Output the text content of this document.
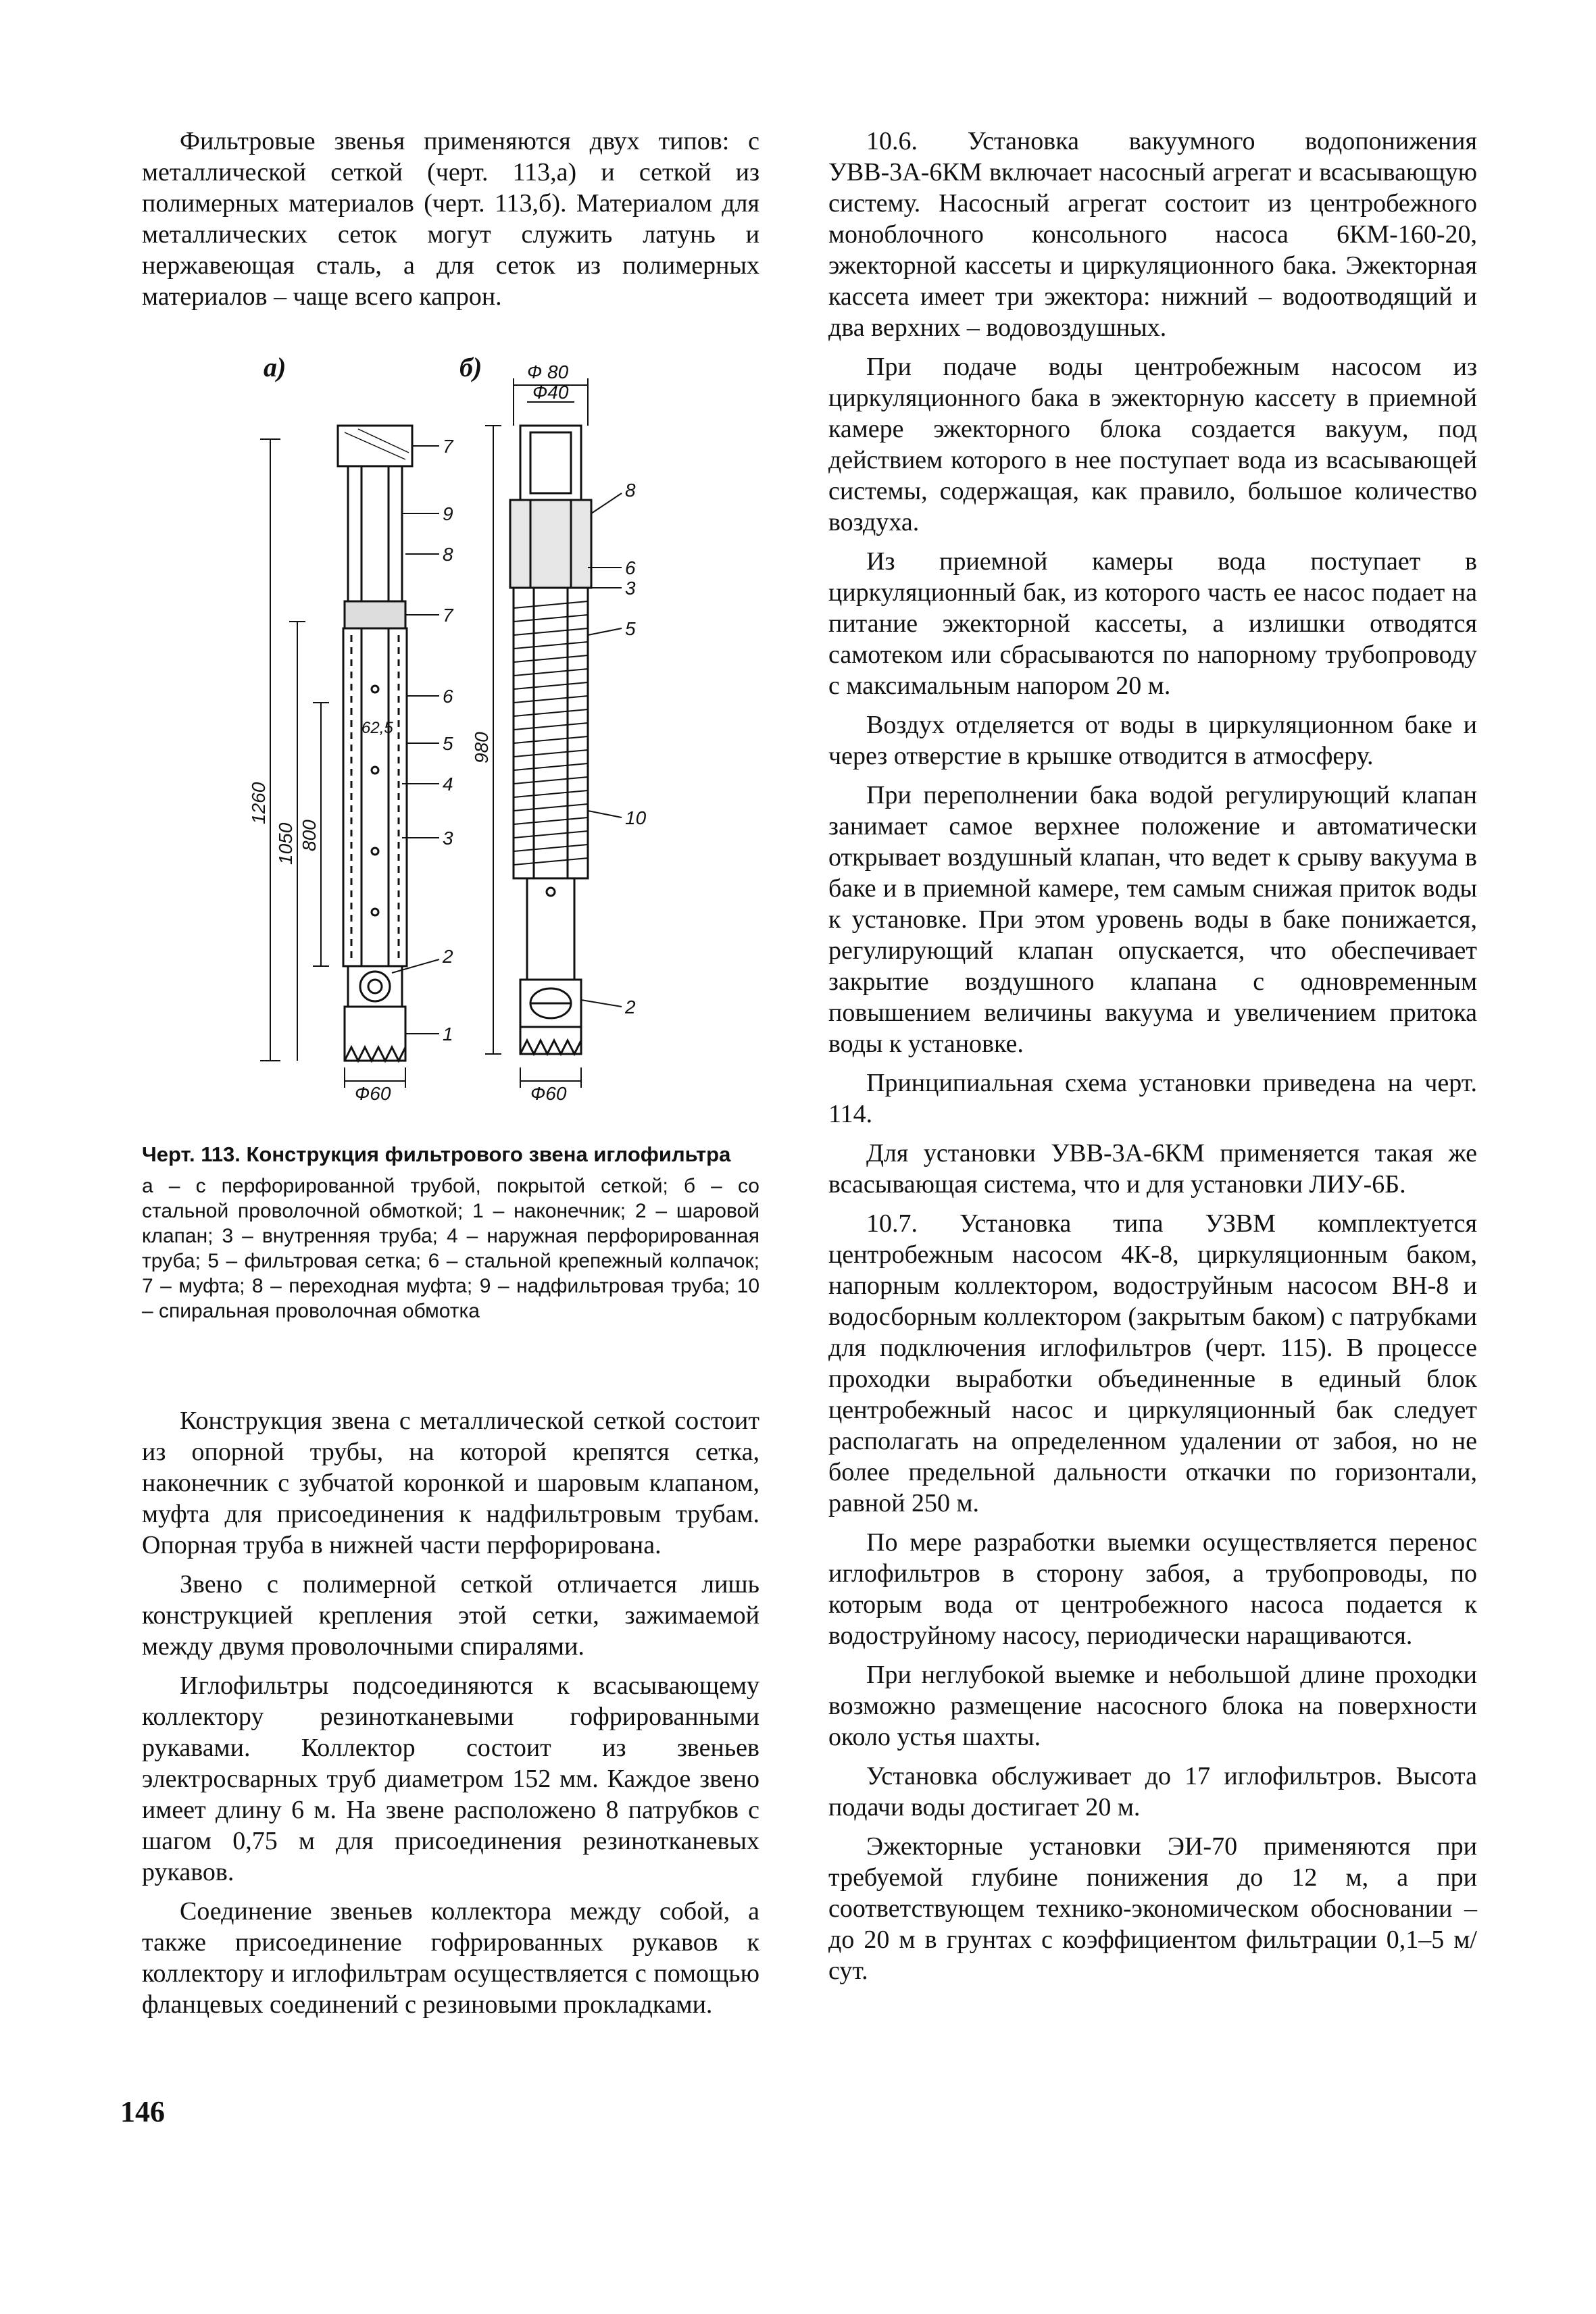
Фильтровые звенья применяются двух типов: с металлической сеткой (черт. 113,а) и сеткой из полимерных материалов (черт. 113,б). Материалом для металлических сеток могут служить латунь и нержавеющая сталь, а для сеток из полимерных материалов – чаще всего капрон.

а)	б) Ф 80
Ф40
Ф60	Ф60
62,5
1260
1050 800
980
7
9
8
7
6
5
4
3
2
1
8
6
3
5
10
2
Черт. 113. Конструкция фильтрового звена иглофильтра
а – с перфорированной трубой, покрытой сеткой; б – со стальной проволочной обмоткой; 1 – наконечник; 2 – шаровой клапан; 3 – внутренняя труба; 4 – наружная перфорированная труба; 5 – фильтровая сетка; 6 – стальной крепежный колпачок; 7 – муфта; 8 – переходная муфта; 9 – надфильтровая труба; 10 – спиральная проволочная обмотка

Конструкция звена с металлической сеткой состоит из опорной трубы, на которой крепятся сетка, наконечник с зубчатой коронкой и шаровым клапаном, муфта для присоединения к надфильтровым трубам. Опорная труба в нижней части перфорирована.

Звено с полимерной сеткой отличается лишь конструкцией крепления этой сетки, зажимаемой между двумя проволочными спиралями.

Иглофильтры подсоединяются к всасывающему коллектору резинотканевыми гофрированными рукавами. Коллектор состоит из звеньев электросварных труб диаметром 152 мм. Каждое звено имеет длину 6 м. На звене расположено 8 патрубков с шагом 0,75 м для присоединения резинотканевых рукавов.

Соединение звеньев коллектора между собой, а также присоединение гофрированных рукавов к коллектору и иглофильтрам осуществляется с помощью фланцевых соединений с резиновыми прокладками.

10.6. Установка вакуумного водопонижения УВВ-3А-6КМ включает насосный агрегат и всасывающую систему. Насосный агрегат состоит из центробежного моноблочного консольного насоса 6КМ-160-20, эжекторной кассеты и циркуляционного бака. Эжекторная кассета имеет три эжектора: нижний – водоотводящий и два верхних – водовоздушных.

При подаче воды центробежным насосом из циркуляционного бака в эжекторную кассету в приемной камере эжекторного блока создается вакуум, под действием которого в нее поступает вода из всасывающей системы, содержащая, как правило, большое количество воздуха.

Из приемной камеры вода поступает в циркуляционный бак, из которого часть ее насос подает на питание эжекторной кассеты, а излишки отводятся самотеком или сбрасываются по напорному трубопроводу с максимальным напором 20 м.

Воздух отделяется от воды в циркуляционном баке и через отверстие в крышке отводится в атмосферу.

При переполнении бака водой регулирующий клапан занимает самое верхнее положение и автоматически открывает воздушный клапан, что ведет к срыву вакуума в баке и в приемной камере, тем самым снижая приток воды к установке. При этом уровень воды в баке понижается, регулирующий клапан опускается, что обеспечивает закрытие воздушного клапана с одновременным повышением величины вакуума и увеличением притока воды к установке.

Принципиальная схема установки приведена на черт. 114.

Для установки УВВ-3А-6КМ применяется такая же всасывающая система, что и для установки ЛИУ-6Б.

10.7. Установка типа УЗВМ комплектуется центробежным насосом 4К-8, циркуляционным баком, напорным коллектором, водоструйным насосом ВН-8 и водосборным коллектором (закрытым баком) с патрубками для подключения иглофильтров (черт. 115). В процессе проходки выработки объединенные в единый блок центробежный насос и циркуляционный бак следует располагать на определенном удалении от забоя, но не более предельной дальности откачки по горизонтали, равной 250 м.

По мере разработки выемки осуществляется перенос иглофильтров в сторону забоя, а трубопроводы, по которым вода от центробежного насоса подается к водоструйному насосу, периодически наращиваются.

При неглубокой выемке и небольшой длине проходки возможно размещение насосного блока на поверхности около устья шахты.

Установка обслуживает до 17 иглофильтров. Высота подачи воды достигает 20 м.

Эжекторные установки ЭИ-70 применяются при требуемой глубине понижения до 12 м, а при соответствующем технико-экономическом обосновании – до 20 м в грунтах с коэффициентом фильтрации 0,1–5 м/сут.

146
